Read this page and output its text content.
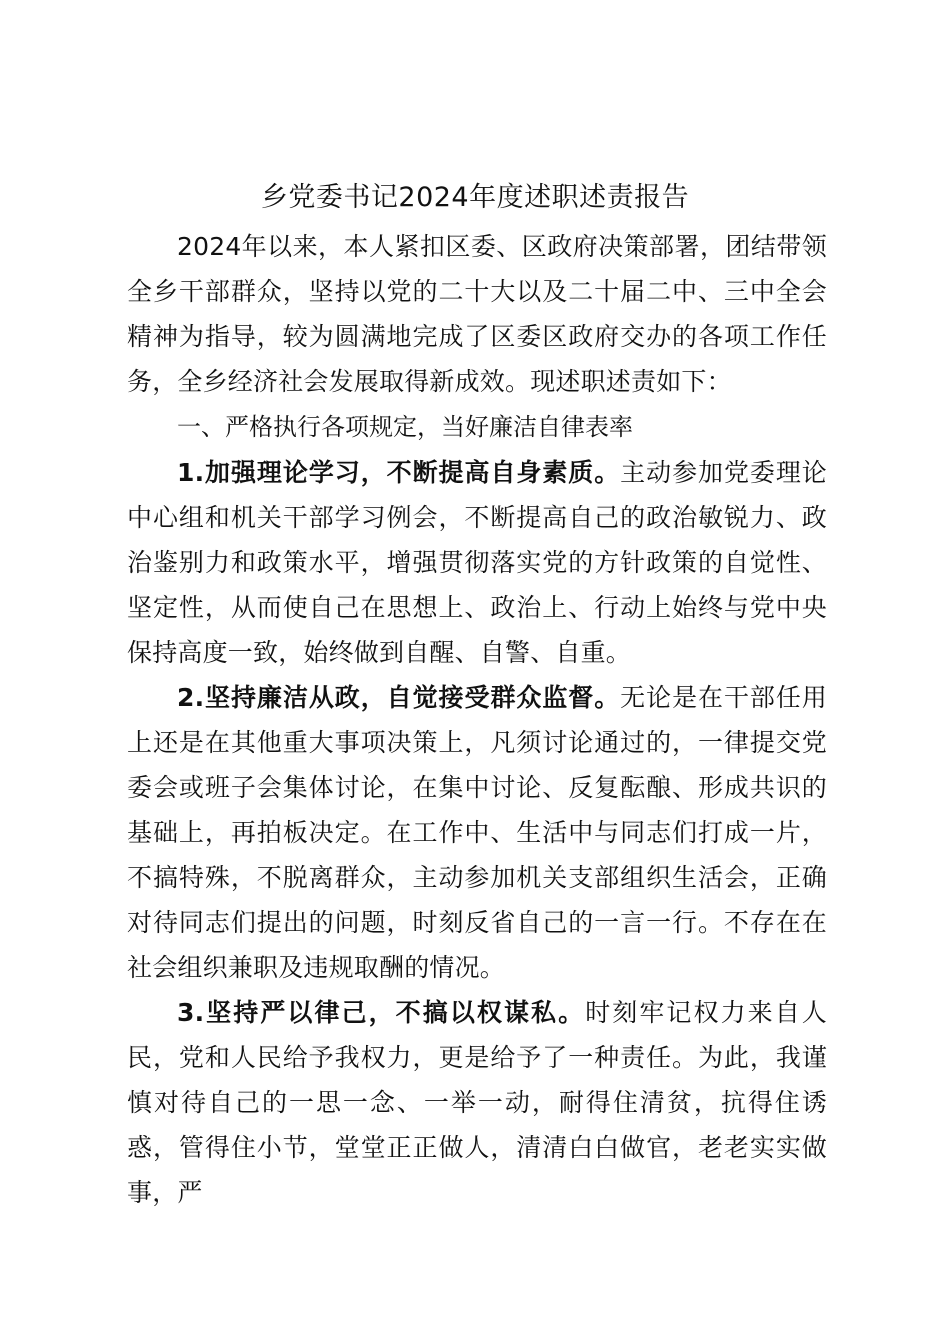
乡党委书记2024年度述职述责报告

2024年以来，本人紧扣区委、区政府决策部署，团结带领全乡干部群众，坚持以党的二十大以及二十届二中、三中全会精神为指导，较为圆满地完成了区委区政府交办的各项工作任务，全乡经济社会发展取得新成效。现述职述责如下：

一、严格执行各项规定，当好廉洁自律表率

1.加强理论学习，不断提高自身素质。主动参加党委理论中心组和机关干部学习例会，不断提高自己的政治敏锐力、政治鉴别力和政策水平，增强贯彻落实党的方针政策的自觉性、坚定性，从而使自己在思想上、政治上、行动上始终与党中央保持高度一致，始终做到自醒、自警、自重。

2.坚持廉洁从政，自觉接受群众监督。无论是在干部任用上还是在其他重大事项决策上，凡须讨论通过的，一律提交党委会或班子会集体讨论，在集中讨论、反复酝酿、形成共识的基础上，再拍板决定。在工作中、生活中与同志们打成一片，不搞特殊，不脱离群众，主动参加机关支部组织生活会，正确对待同志们提出的问题，时刻反省自己的一言一行。不存在在社会组织兼职及违规取酬的情况。

3.坚持严以律己，不搞以权谋私。时刻牢记权力来自人民，党和人民给予我权力，更是给予了一种责任。为此，我谨慎对待自己的一思一念、一举一动，耐得住清贫，抗得住诱惑，管得住小节，堂堂正正做人，清清白白做官，老老实实做事，严
